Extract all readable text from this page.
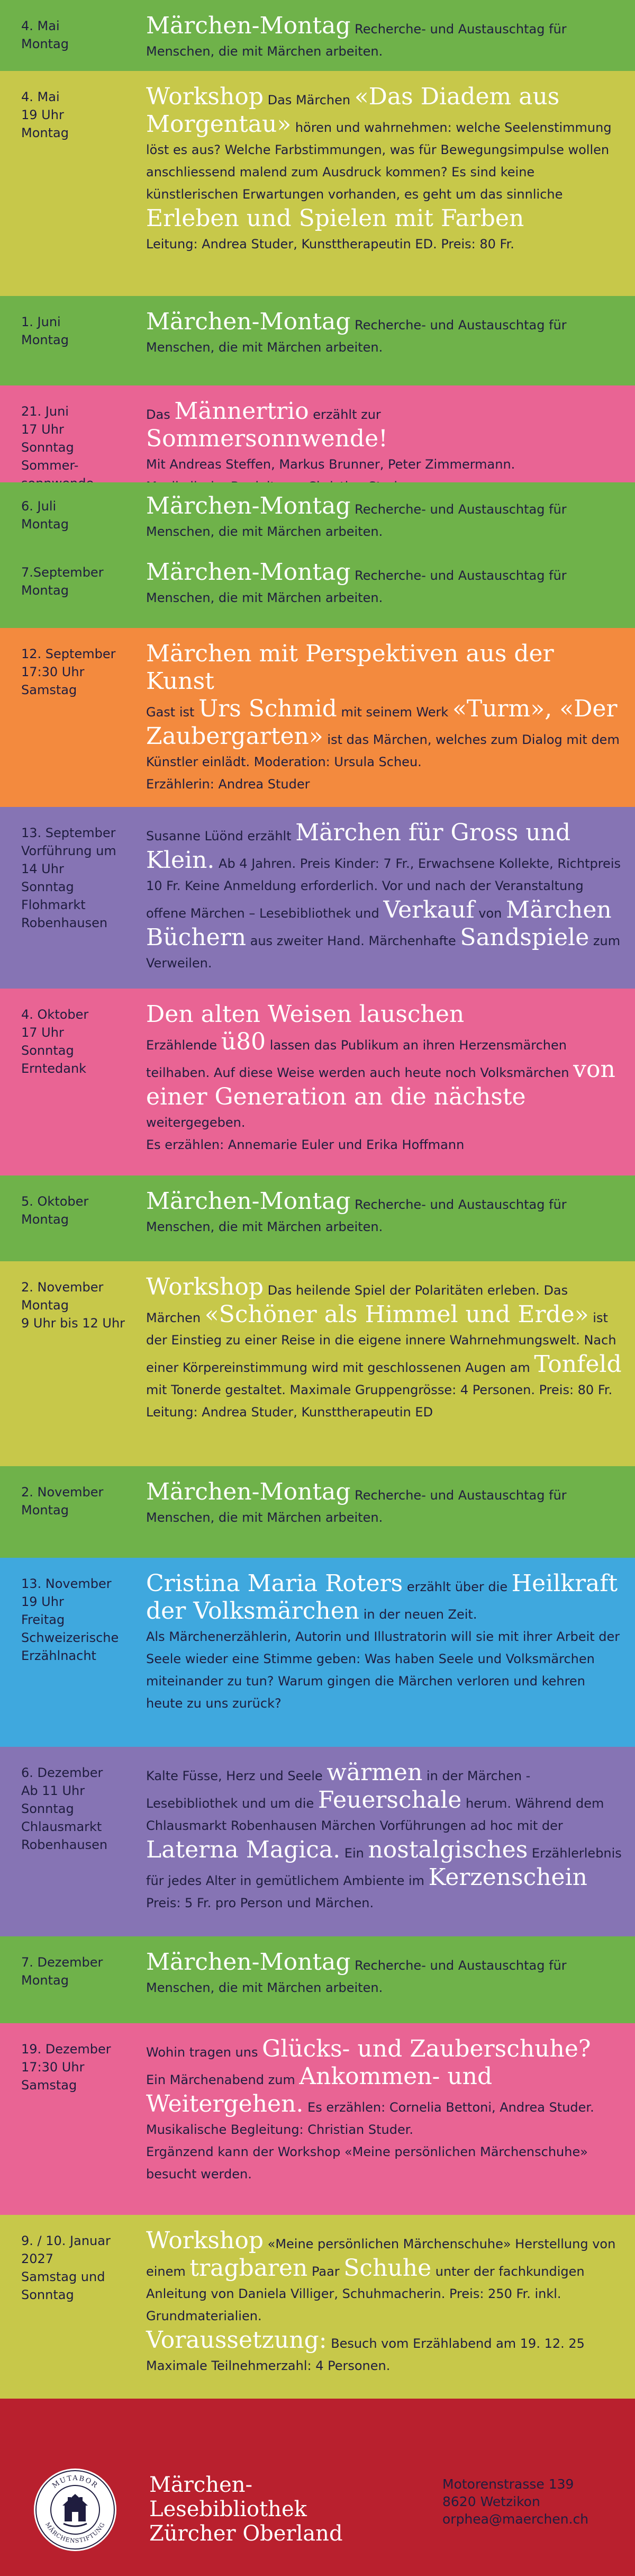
4. Mai
Montag
Märchen-Montag Recherche- und Austauschtag für Menschen, die mit Märchen arbeiten.
4. Mai
19 Uhr
Montag
Workshop Das Märchen «Das Diadem aus Morgentau» hören und wahrnehmen: welche Seelenstimmung löst es aus? Welche Farbstimmungen, was für Bewegungsimpulse wollen anschliessend malend zum Ausdruck kommen? Es sind keine künstlerischen Erwartungen vorhanden, es geht um das sinnliche Erleben und Spielen mit Farben
Leitung: Andrea Studer, Kunsttherapeutin ED. Preis: 80 Fr.
1. Juni
Montag
Märchen-Montag Recherche- und Austauschtag für Menschen, die mit Märchen arbeiten.
21. Juni
17 Uhr
Sonntag Sommer-

Das Männertrio erzählt zur Sommersonnwende!
Mit Andreas Steffen, Markus Brunner, Peter Zimmermann.

6. Juli
Montag
Märchen-Montag Recherche- und Austauschtag für Menschen, die mit Märchen arbeiten.
7.September
Montag
Märchen-Montag Recherche- und Austauschtag für Menschen, die mit Märchen arbeiten.
12. September
17:30 Uhr
Samstag
Märchen mit Perspektiven aus der Kunst
Gast ist Urs Schmid mit seinem Werk «Turm», «Der Zaubergarten» ist das Märchen, welches zum Dialog mit dem Künstler einlädt. Moderation: Ursula Scheu.
Erzählerin: Andrea Studer
13. September
Vorführung um
14 Uhr
Sonntag
Flohmarkt
Robenhausen
Susanne Lüönd erzählt Märchen für Gross und Klein. Ab 4 Jahren. Preis Kinder: 7 Fr., Erwachsene Kollekte, Richtpreis 10 Fr. Keine Anmeldung erforderlich. Vor und nach der Veranstaltung offene Märchen – Lesebibliothek und Verkauf von Märchen Büchern aus zweiter Hand. Märchenhafte Sandspiele zum Verweilen.
4. Oktober
17 Uhr
Sonntag
Erntedank
Den alten Weisen lauschen
Erzählende ü80 lassen das Publikum an ihren Herzensmärchen teilhaben. Auf diese Weise werden auch heute noch Volksmärchen von einer Generation an die nächste weitergegeben.
Es erzählen: Annemarie Euler und Erika Hoffmann
5. Oktober
Montag
Märchen-Montag Recherche- und Austauschtag für Menschen, die mit Märchen arbeiten.
2. November
Montag
9 Uhr bis 12 Uhr
Workshop Das heilende Spiel der Polaritäten erleben. Das Märchen «Schöner als Himmel und Erde» ist der Einstieg zu einer Reise in die eigene innere Wahrnehmungswelt. Nach einer Körpereinstimmung wird mit geschlossenen Augen am Tonfeld mit Tonerde gestaltet. Maximale Gruppengrösse: 4 Personen. Preis: 80 Fr. Leitung: Andrea Studer, Kunsttherapeutin ED
2. November
Montag
Märchen-Montag Recherche- und Austauschtag für Menschen, die mit Märchen arbeiten.
13. November
19 Uhr
Freitag
Schweizerische
Erzählnacht
Cristina Maria Roters erzählt über die Heilkraft der Volksmärchen in der neuen Zeit.
Als Märchenerzählerin, Autorin und Illustratorin will sie mit ihrer Arbeit der Seele wieder eine Stimme geben: Was haben Seele und Volksmärchen miteinander zu tun? Warum gingen die Märchen verloren und kehren heute zu uns zurück?
6. Dezember
Ab 11 Uhr
Sonntag
Chlausmarkt
Robenhausen
Kalte Füsse, Herz und Seele wärmen in der Märchen - Lesebibliothek und um die Feuerschale herum. Während dem Chlausmarkt Robenhausen Märchen Vorführungen ad hoc mit der Laterna Magica. Ein nostalgisches Erzählerlebnis für jedes Alter in gemütlichem Ambiente im Kerzenschein
Preis: 5 Fr. pro Person und Märchen.
7. Dezember
Montag
Märchen-Montag Recherche- und Austauschtag für Menschen, die mit Märchen arbeiten.
19. Dezember
17:30 Uhr
Samstag
Wohin tragen uns Glücks- und Zauberschuhe?
Ein Märchenabend zum Ankommen- und Weitergehen. Es erzählen: Cornelia Bettoni, Andrea Studer. Musikalische Begleitung: Christian Studer.
Ergänzend kann der Workshop «Meine persönlichen Märchenschuhe» besucht werden.
9. / 10. Januar
2027
Samstag und
Sonntag
Workshop «Meine persönlichen Märchenschuhe» Herstellung von einem tragbaren Paar Schuhe unter der fachkundigen Anleitung von Daniela Villiger, Schuhmacherin. Preis: 250 Fr. inkl. Grundmaterialien.
Voraussetzung: Besuch vom Erzählabend am 19. 12. 25
Maximale Teilnehmerzahl: 4 Personen.
MUTABOR
MÄRCHENSTIFTUNG
Märchen-
Lesebibliothek
Zürcher Oberland
Motorenstrasse 139
8620 Wetzikon
orphea@maerchen.ch
